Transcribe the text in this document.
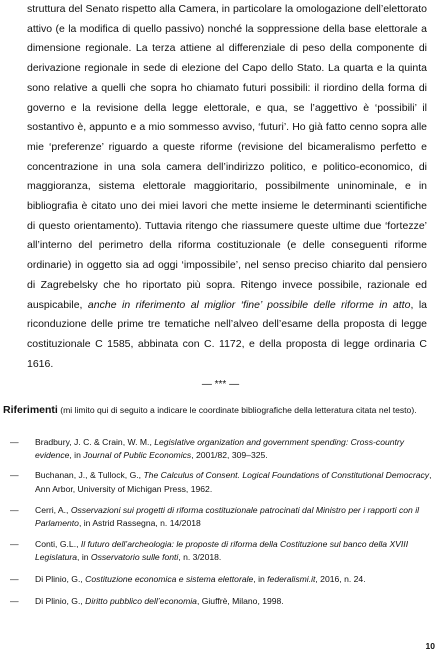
struttura del Senato rispetto alla Camera, in particolare la omologazione dell’elettorato attivo (e la modifica di quello passivo) nonché la soppressione della base elettorale a dimensione regionale. La terza attiene al differenziale di peso della componente di derivazione regionale in sede di elezione del Capo dello Stato. La quarta e la quinta sono relative a quelli che sopra ho chiamato futuri possibili: il riordino della forma di governo e la revisione della legge elettorale, e qua, se l’aggettivo è ‘possibili’ il sostantivo è, appunto e a mio sommesso avviso, ‘futuri’. Ho già fatto cenno sopra alle mie ‘preferenze’ riguardo a queste riforme (revisione del bicameralismo perfetto e concentrazione in una sola camera dell’indirizzo politico, e politico-economico, di maggioranza, sistema elettorale maggioritario, possibilmente uninominale, e in bibliografia è citato uno dei miei lavori che mette insieme le determinanti scientifiche di questo orientamento). Tuttavia ritengo che riassumere queste ultime due ‘fortezze’ all’interno del perimetro della riforma costituzionale (e delle conseguenti riforme ordinarie) in oggetto sia ad oggi ‘impossibile’, nel senso preciso chiarito dal pensiero di Zagrebelsky che ho riportato più sopra. Ritengo invece possibile, razionale ed auspicabile, anche in riferimento al miglior ‘fine’ possibile delle riforme in atto, la riconduzione delle prime tre tematiche nell’alveo dell’esame della proposta di legge costituzionale C 1585, abbinata con C. 1172, e della proposta di legge ordinaria C 1616.

— *** —

Riferimenti (mi limito qui di seguito a indicare le coordinate bibliografiche della letteratura citata nel testo).

— Bradbury, J. C. & Crain, W. M., Legislative organization and government spending: Cross-country evidence, in Journal of Public Economics, 2001/82, 309–325.
— Buchanan, J., & Tullock, G., The Calculus of Consent. Logical Foundations of Constitutional Democracy, Ann Arbor, University of Michigan Press, 1962.
— Cerri, A., Osservazioni sui progetti di riforma costituzionale patrocinati dal Ministro per i rapporti con il Parlamento, in Astrid Rassegna, n. 14/2018
— Conti, G.L., Il futuro dell’archeologia: le proposte di riforma della Costituzione sul banco della XVIII Legislatura, in Osservatorio sulle fonti, n. 3/2018.
— Di Plinio, G., Costituzione economica e sistema elettorale, in federalismi.it, 2016, n. 24.
— Di Plinio, G., Diritto pubblico dell’economia, Giuffrè, Milano, 1998.
10
